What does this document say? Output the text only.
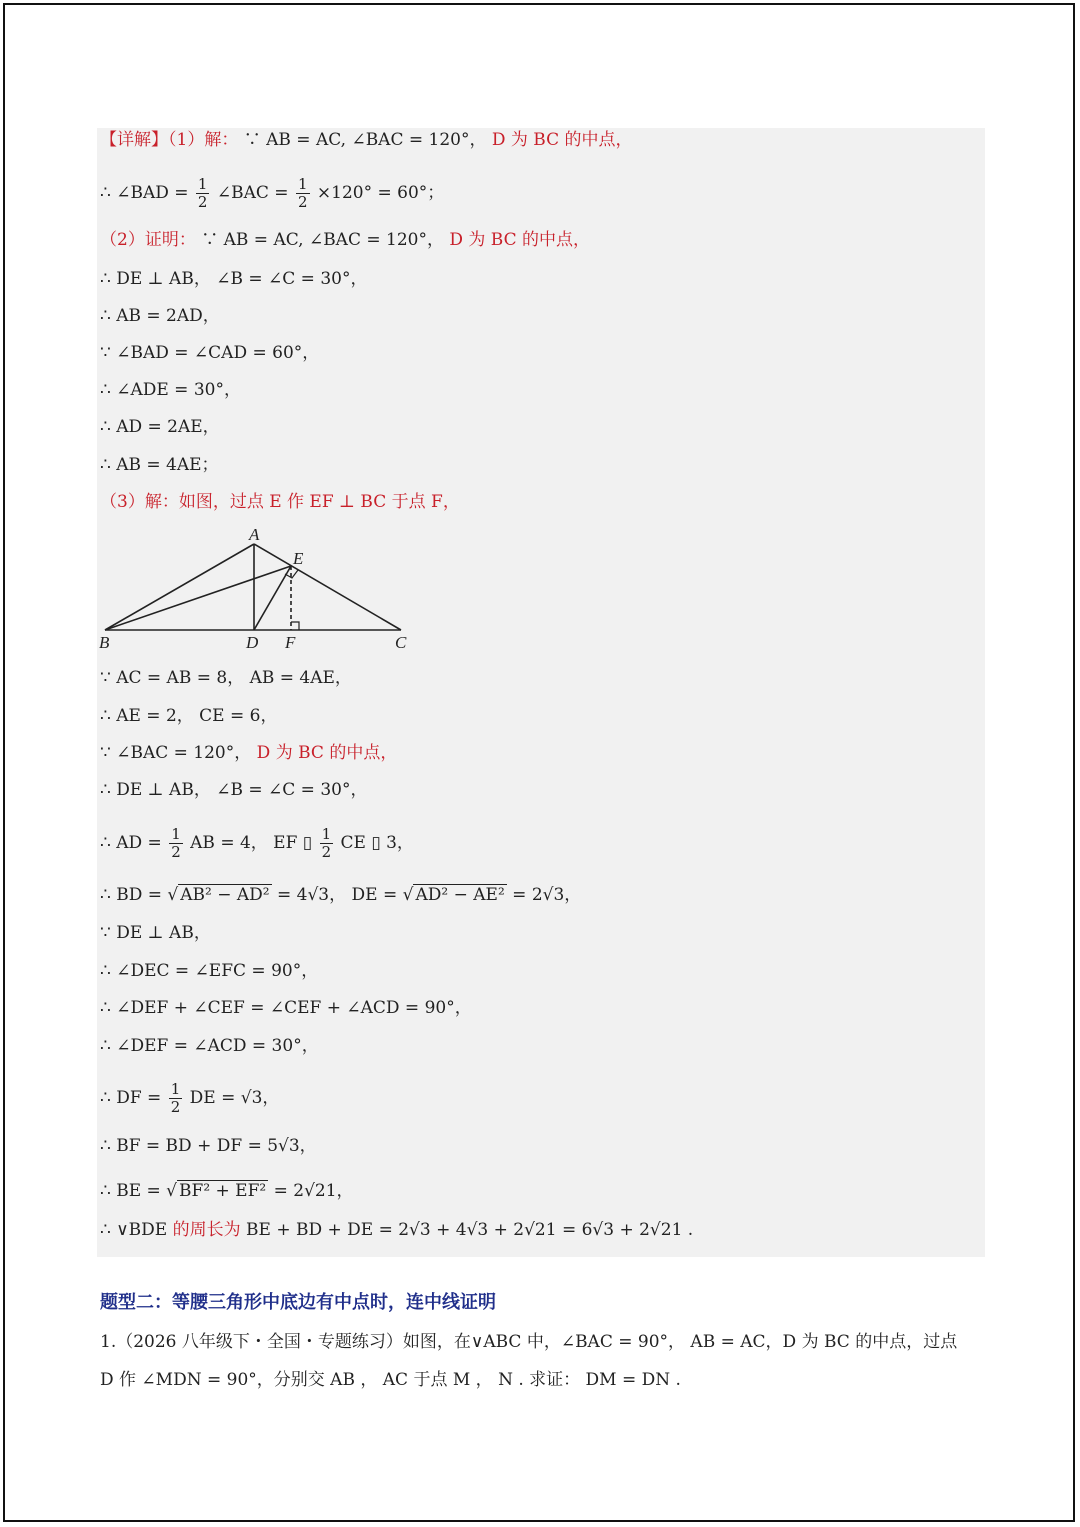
【详解】（1）解： ∵ AB = AC, ∠BAC = 120°， D 为 BC 的中点，
∴ ∠BAD = $\frac{1}{2}$ ∠BAC = $\frac{1}{2} \times 120^\circ = 60^\circ$；
（2）证明： ∵ AB = AC, ∠BAC = 120°， D 为 BC 的中点，
∴ DE ⊥ AB， ∠B = ∠C = 30°，
∴ AB = 2AD，
∵ ∠BAD = ∠CAD = 60°，
∴ ∠ADE = 30°，
∴ AD = 2AE，
∴ AB = 4AE；
（3）解：如图，过点 E 作 EF ⊥ BC 于点 F，
A
E
B	D F	C
∵ AC = AB = 8， AB = 4AE，
∴ AE = 2， CE = 6，
∵ ∠BAC = 120°， D 为 BC 的中点，
∴ DE ⊥ AB， ∠B = ∠C = 30°，
∴ AD = $\frac{1}{2}$ AB = 4， EF ▯ $\frac{1}{2}$ CE ▯ 3，
∴ BD = √ AB² − AD² = 4√3， DE = √ AD² − AE² = 2√3，
∵ DE ⊥ AB，
∴ ∠DEC = ∠EFC = 90°，
∴ ∠DEF + ∠CEF = ∠CEF + ∠ACD = 90°，
∴ ∠DEF = ∠ACD = 30°，
∴ DF = $\frac{1}{2}$ DE = √3，
∴ BF = BD + DF = 5√3，
∴ BE = √ BF² + EF² = 2√21，
∴ ∨BDE 的周长为 BE + BD + DE = 2√3 + 4√3 + 2√21 = 6√3 + 2√21 .
题型二：等腰三角形中底边有中点时，连中线证明
1.（2026 八年级下・全国・专题练习）如图，在∨ABC 中，∠BAC = 90°， AB = AC，D 为 BC 的中点，过点
D 作 ∠MDN = 90°，分别交 AB ， AC 于点 M ， N . 求证： DM = DN .
